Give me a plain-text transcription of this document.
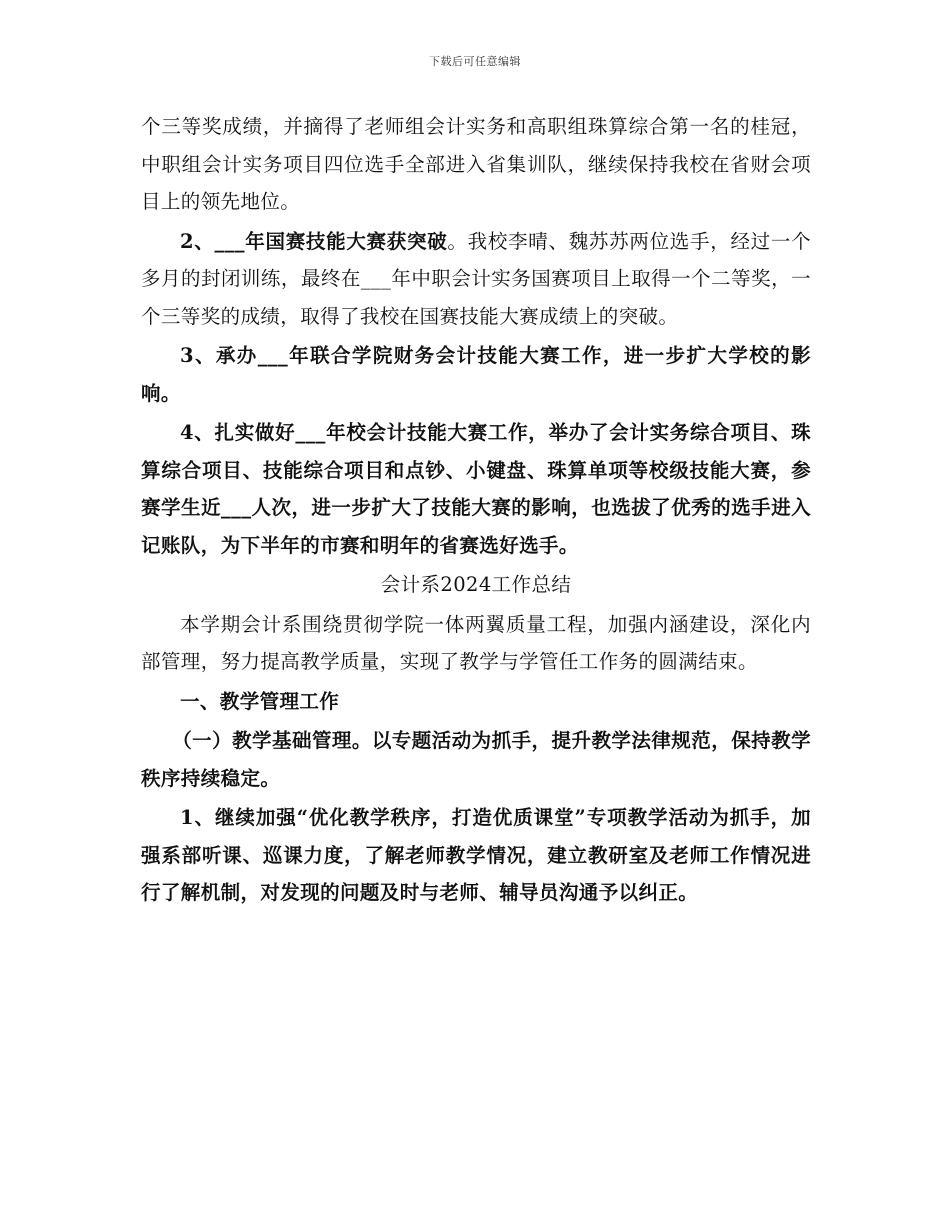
下载后可任意编辑

个三等奖成绩，并摘得了老师组会计实务和高职组珠算综合第一名的桂冠，中职组会计实务项目四位选手全部进入省集训队，继续保持我校在省财会项目上的领先地位。

2、___年国赛技能大赛获突破。我校李晴、魏苏苏两位选手，经过一个多月的封闭训练，最终在___年中职会计实务国赛项目上取得一个二等奖，一个三等奖的成绩，取得了我校在国赛技能大赛成绩上的突破。

3、承办___年联合学院财务会计技能大赛工作，进一步扩大学校的影响。

4、扎实做好___年校会计技能大赛工作，举办了会计实务综合项目、珠算综合项目、技能综合项目和点钞、小键盘、珠算单项等校级技能大赛，参赛学生近___人次，进一步扩大了技能大赛的影响，也选拔了优秀的选手进入记账队，为下半年的市赛和明年的省赛选好选手。

会计系2024工作总结

本学期会计系围绕贯彻学院一体两翼质量工程，加强内涵建设，深化内部管理，努力提高教学质量，实现了教学与学管任工作务的圆满结束。

一、教学管理工作

（一）教学基础管理。以专题活动为抓手，提升教学法律规范，保持教学秩序持续稳定。

1、继续加强“优化教学秩序，打造优质课堂”专项教学活动为抓手，加强系部听课、巡课力度，了解老师教学情况，建立教研室及老师工作情况进行了解机制，对发现的问题及时与老师、辅导员沟通予以纠正。
